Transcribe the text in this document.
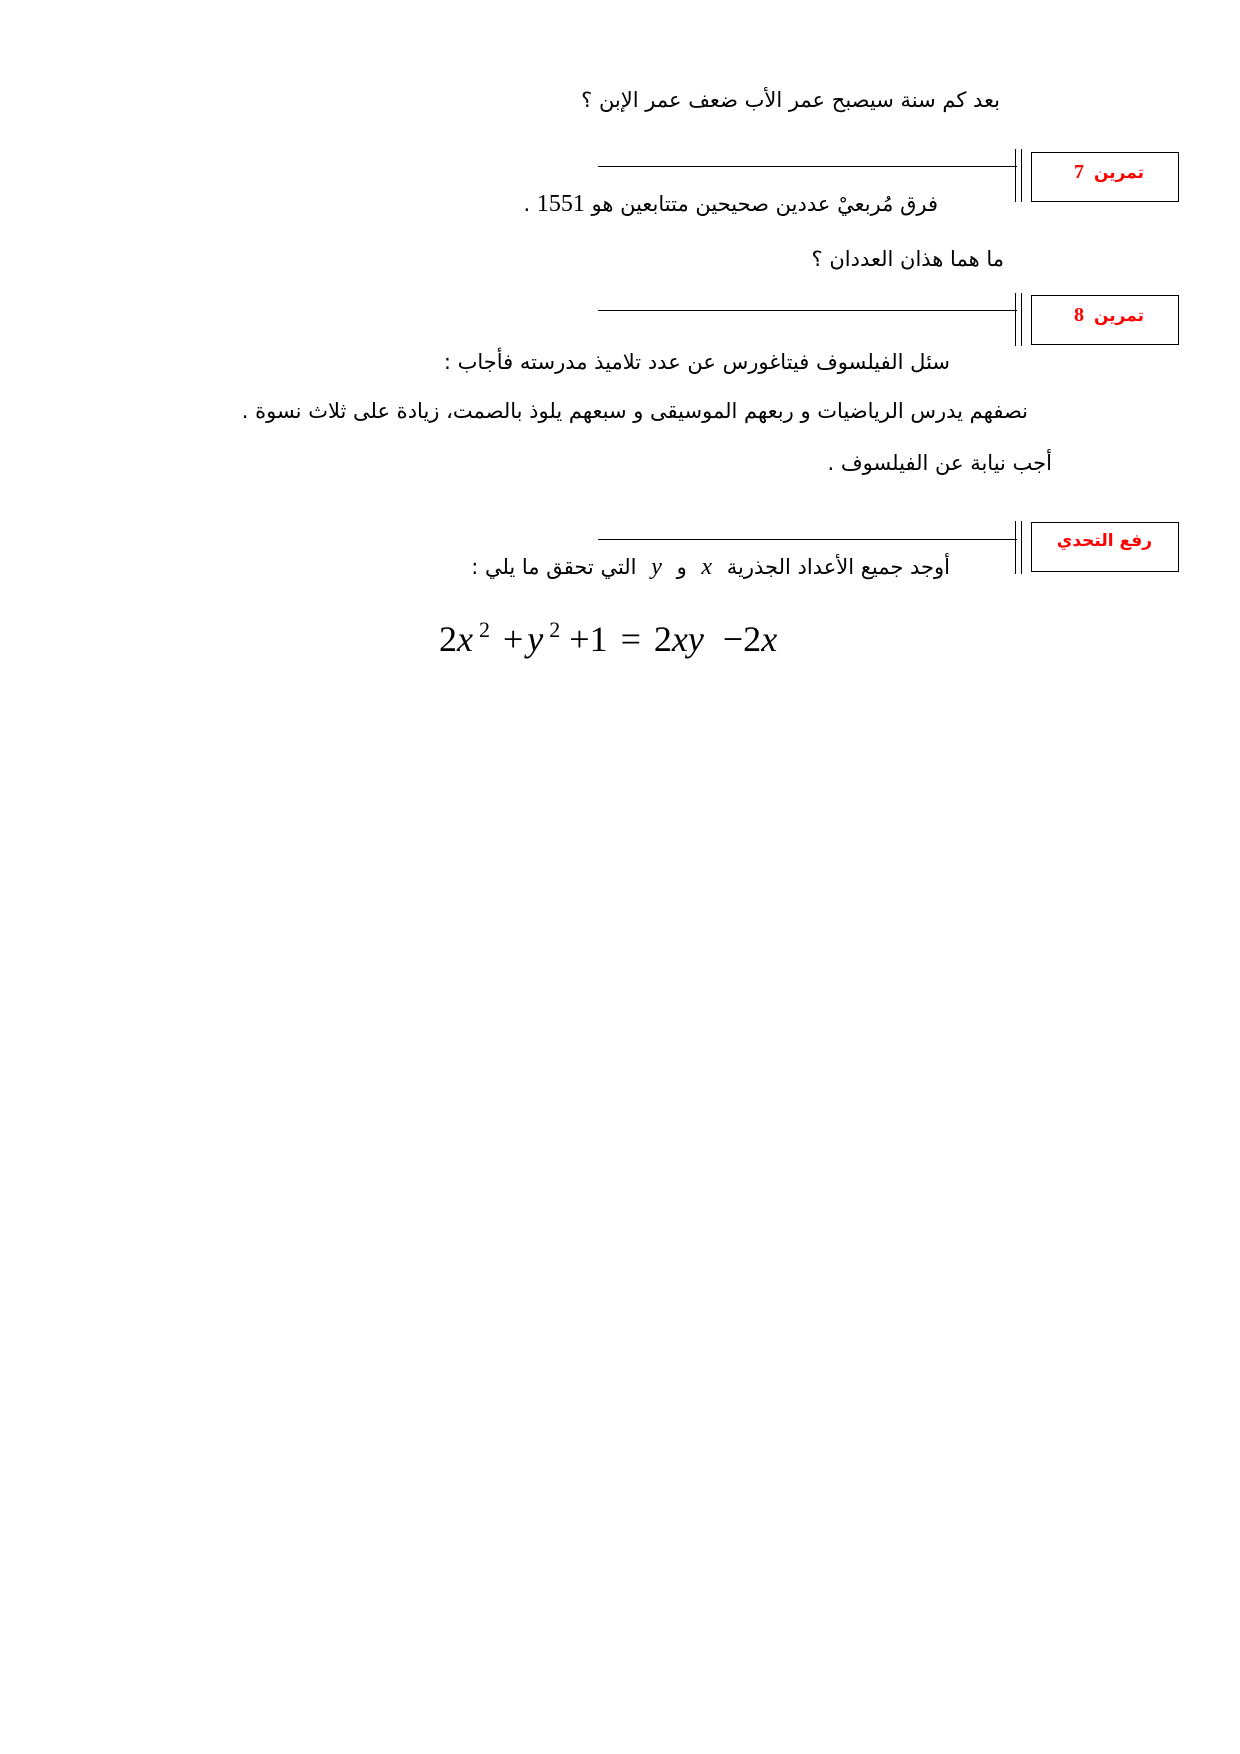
بعد كم سنة سيصبح عمر الأب ضعف عمر الإبن ؟
تمرين7
فرق مُربعيْ عددين صحيحين متتابعين هو 1551 .
ما هما هذان العددان ؟
تمرين8
سئل الفيلسوف فيتاغورس عن عدد تلاميذ مدرسته فأجاب :
نصفهم يدرس الرياضيات و ربعهم الموسيقى و سبعهم يلوذ بالصمت، زيادة على ثلاث نسوة .
أجب نيابة عن الفيلسوف .
رفع التحدي
أوجد جميع الأعداد الجذرية x و y التي تحقق ما يلي :
2x $^2$ + y $^2$ +1 = 2xy −2x
